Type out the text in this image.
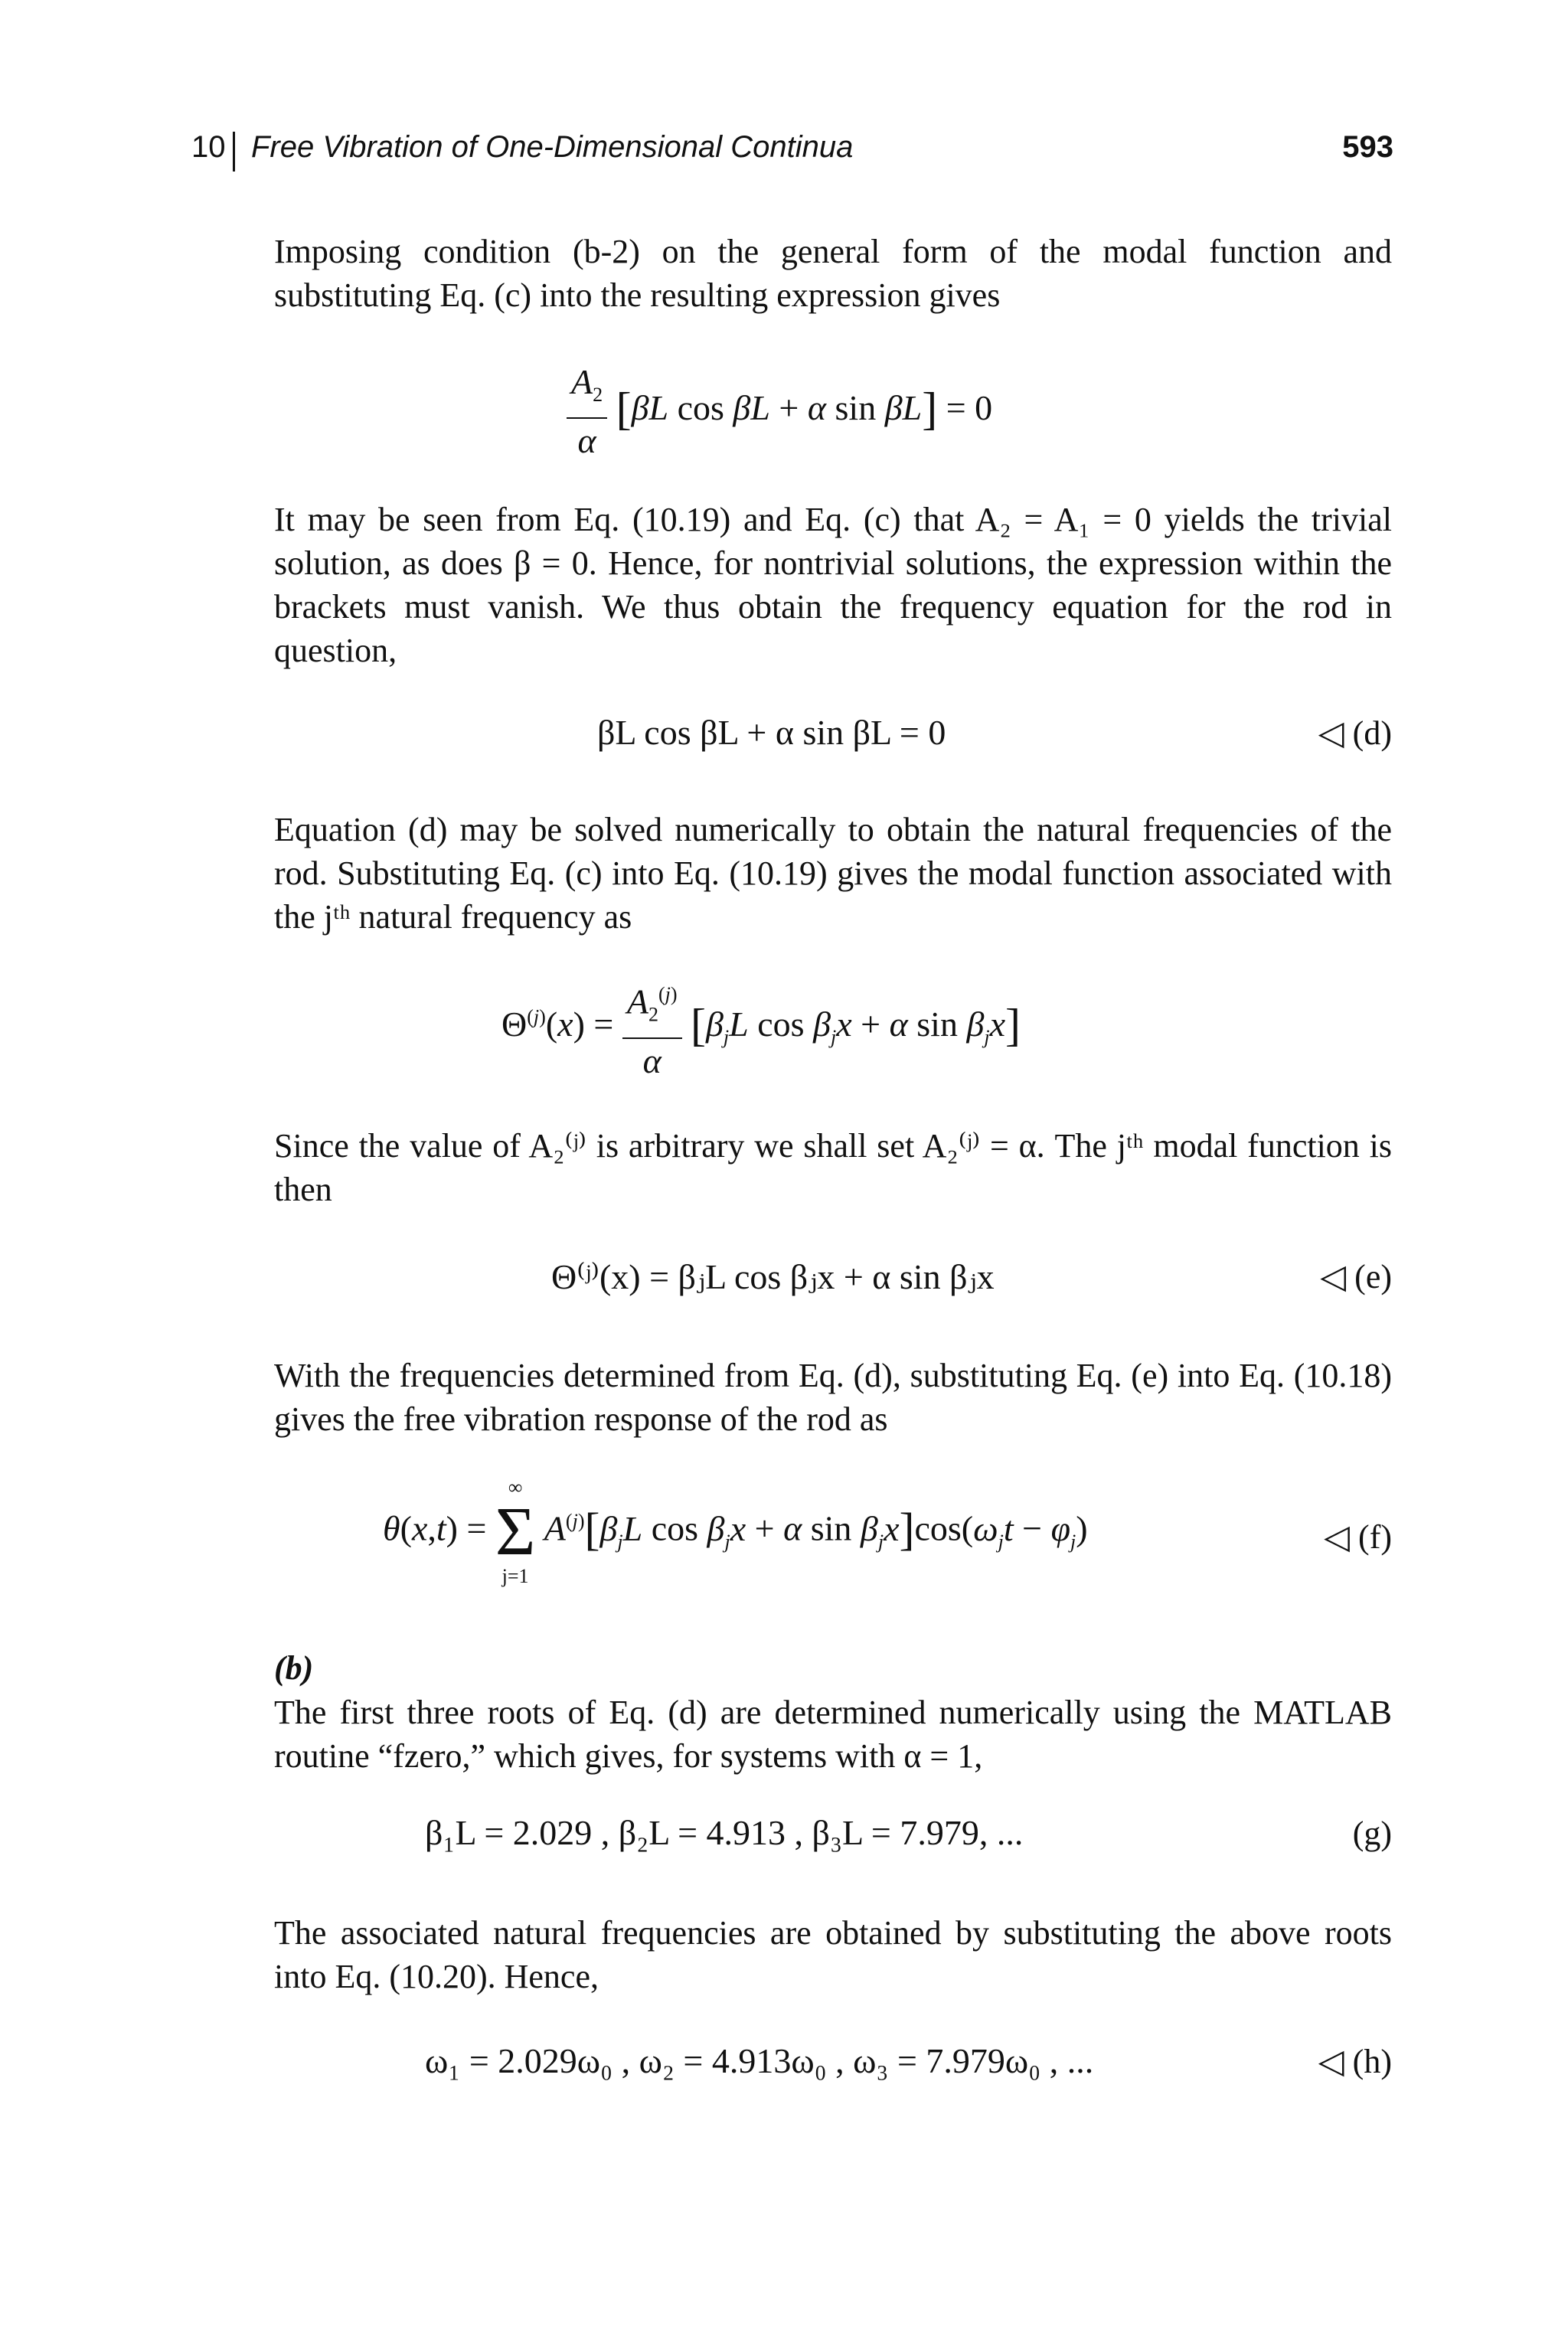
10 Free Vibration of One-Dimensional Continua	593
Imposing condition (b-2) on the general form of the modal function and substituting Eq. (c) into the resulting expression gives
$\frac{A_2}{\alpha} [\beta L$ cos βL + α sin βL] = 0
It may be seen from Eq. (10.19) and Eq. (c) that A₂ = A₁ = 0 yields the trivial solution, as does β = 0. Hence, for nontrivial solutions, the expression within the brackets must vanish. We thus obtain the frequency equation for the rod in question,
βL cos βL + α sin βL = 0	◁ (d)
Equation (d) may be solved numerically to obtain the natural frequencies of the rod. Substituting Eq. (c) into Eq. (10.19) gives the modal function associated with the jᵗʰ natural frequency as
$\Theta^{(j)}(x) = \frac{A_2^{(j)}}{\alpha} [\beta_jL$ $\cos \beta_jx + \alpha$ $\sin \beta_jx$]
Since the value of A₂⁽ʲ⁾ is arbitrary we shall set A₂⁽ʲ⁾ = α. The jᵗʰ modal function is then
Θ⁽ʲ⁾(x) = βⱼL cos βⱼx + α sin βⱼx	◁ (e)
With the frequencies determined from Eq. (d), substituting Eq. (e) into Eq. (10.18) gives the free vibration response of the rod as
θ(x,t) =
∞
Σ
j=1
$A^{(j)}[\beta_jL$ $\cos \beta_jx + \alpha$ $\sin \beta_jx]\cos(\omega_jt - \varphi_j)$	◁ (f)
(b)
The first three roots of Eq. (d) are determined numerically using the MATLAB routine “fzero,” which gives, for systems with α = 1,
β₁L = 2.029 , β₂L = 4.913 , β₃L = 7.979, ...	(g)
The associated natural frequencies are obtained by substituting the above roots into Eq. (10.20). Hence,
ω₁ = 2.029ω₀ , ω₂ = 4.913ω₀ , ω₃ = 7.979ω₀ , ...	◁ (h)
